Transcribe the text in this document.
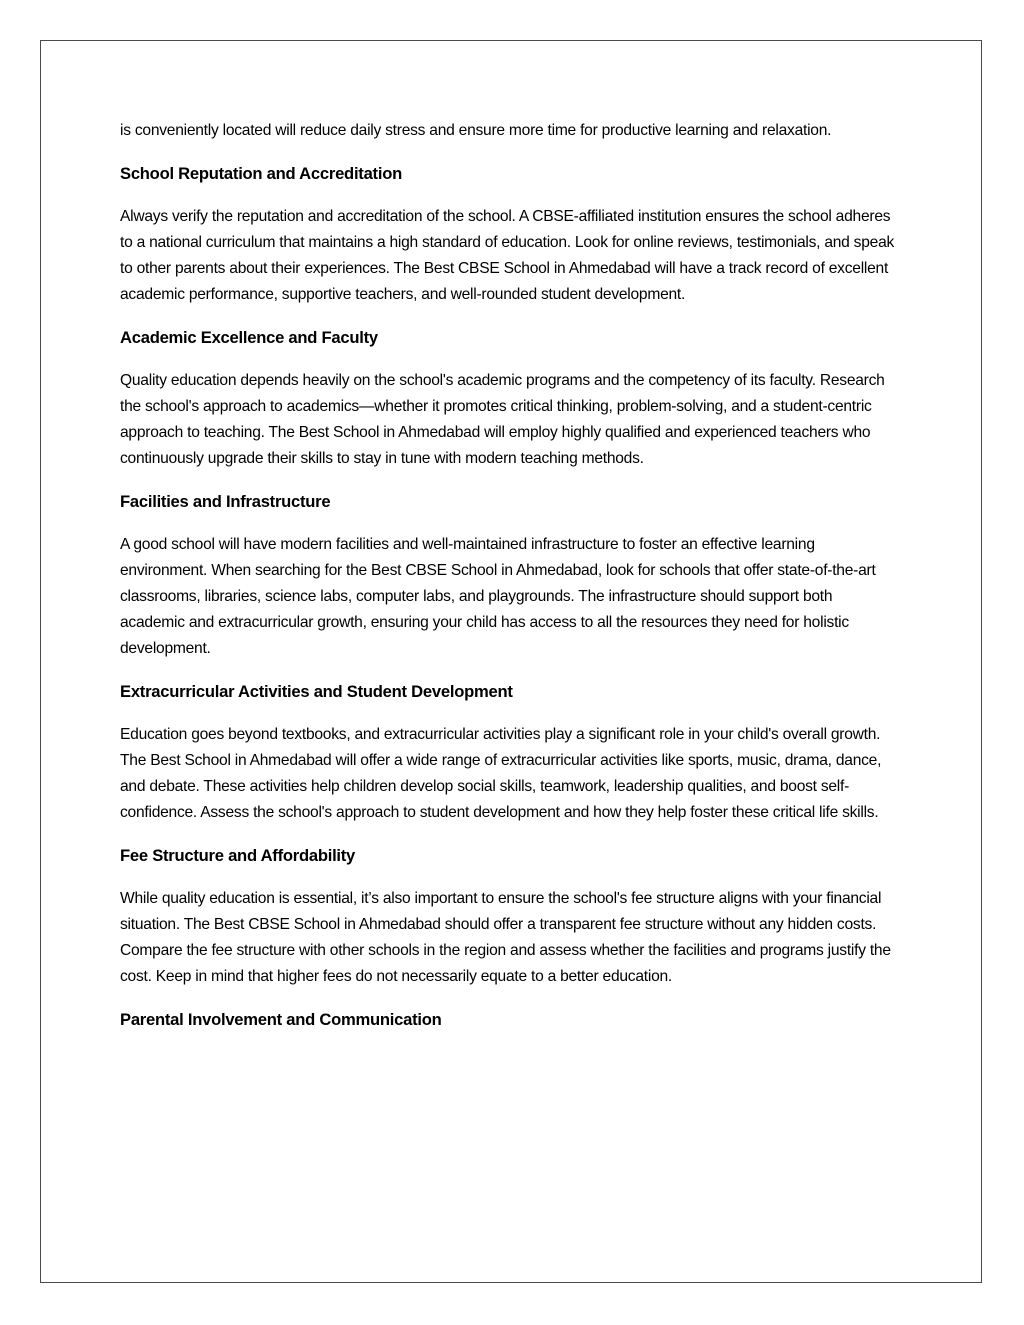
is conveniently located will reduce daily stress and ensure more time for productive learning and relaxation.

School Reputation and Accreditation

Always verify the reputation and accreditation of the school. A CBSE-affiliated institution ensures the school adheres to a national curriculum that maintains a high standard of education. Look for online reviews, testimonials, and speak to other parents about their experiences. The Best CBSE School in Ahmedabad will have a track record of excellent academic performance, supportive teachers, and well-rounded student development.

Academic Excellence and Faculty

Quality education depends heavily on the school's academic programs and the competency of its faculty. Research the school's approach to academics—whether it promotes critical thinking, problem-solving, and a student-centric approach to teaching. The Best School in Ahmedabad will employ highly qualified and experienced teachers who continuously upgrade their skills to stay in tune with modern teaching methods.

Facilities and Infrastructure

A good school will have modern facilities and well-maintained infrastructure to foster an effective learning environment. When searching for the Best CBSE School in Ahmedabad, look for schools that offer state-of-the-art classrooms, libraries, science labs, computer labs, and playgrounds. The infrastructure should support both academic and extracurricular growth, ensuring your child has access to all the resources they need for holistic development.

Extracurricular Activities and Student Development

Education goes beyond textbooks, and extracurricular activities play a significant role in your child's overall growth. The Best School in Ahmedabad will offer a wide range of extracurricular activities like sports, music, drama, dance, and debate. These activities help children develop social skills, teamwork, leadership qualities, and boost self-confidence. Assess the school's approach to student development and how they help foster these critical life skills.

Fee Structure and Affordability

While quality education is essential, it’s also important to ensure the school's fee structure aligns with your financial situation. The Best CBSE School in Ahmedabad should offer a transparent fee structure without any hidden costs. Compare the fee structure with other schools in the region and assess whether the facilities and programs justify the cost. Keep in mind that higher fees do not necessarily equate to a better education.

Parental Involvement and Communication
